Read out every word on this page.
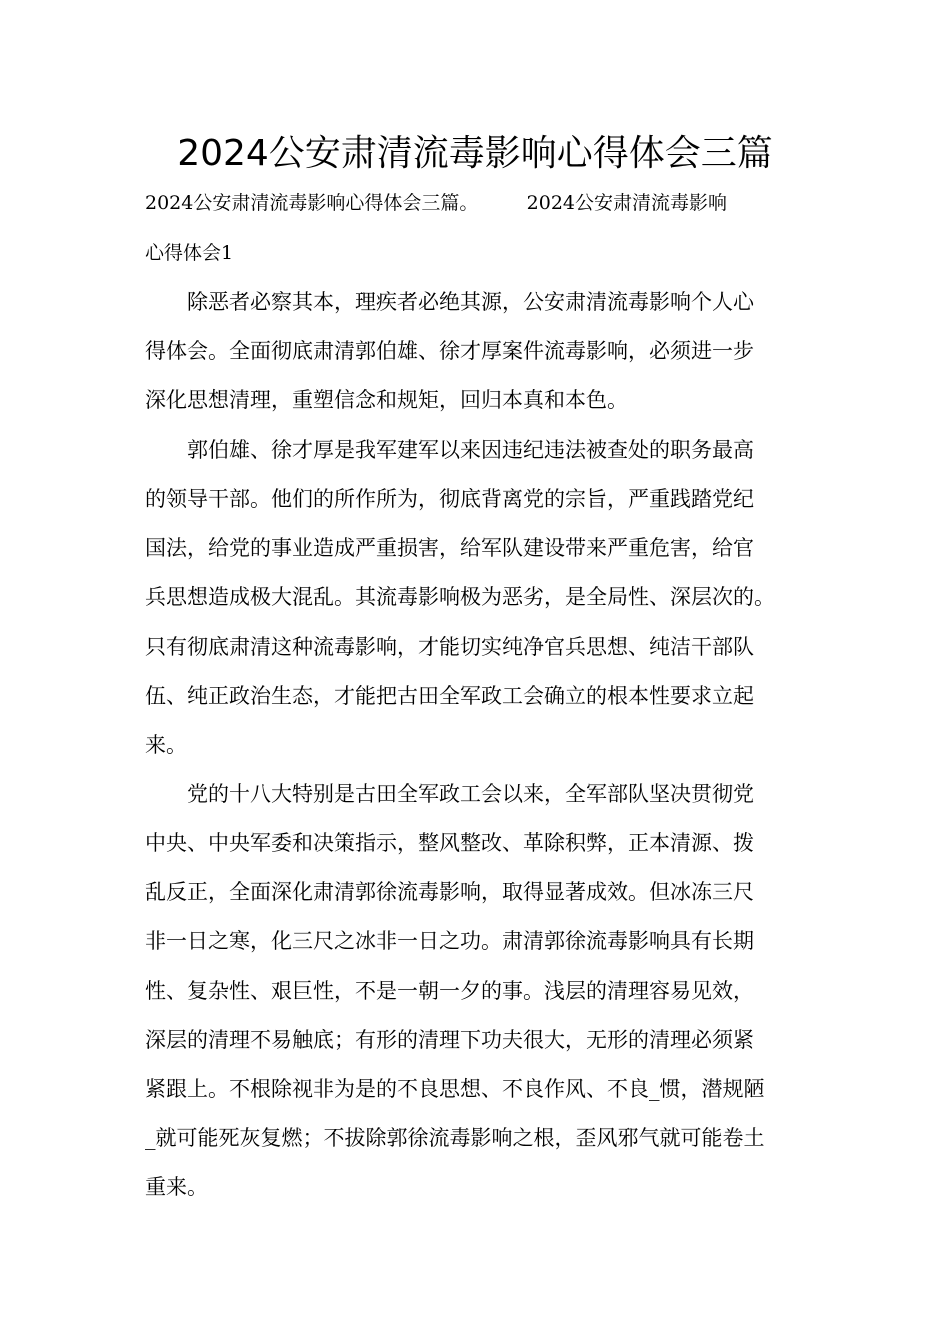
2024公安肃清流毒影响心得体会三篇

2024公安肃清流毒影响心得体会三篇。        2024公安肃清流毒影响

心得体会1

　　除恶者必察其本，理疾者必绝其源，公安肃清流毒影响个人心

得体会。全面彻底肃清郭伯雄、徐才厚案件流毒影响，必须进一步

深化思想清理，重塑信念和规矩，回归本真和本色。

　　郭伯雄、徐才厚是我军建军以来因违纪违法被查处的职务最高

的领导干部。他们的所作所为，彻底背离党的宗旨，严重践踏党纪

国法，给党的事业造成严重损害，给军队建设带来严重危害，给官

兵思想造成极大混乱。其流毒影响极为恶劣，是全局性、深层次的。

只有彻底肃清这种流毒影响，才能切实纯净官兵思想、纯洁干部队

伍、纯正政治生态，才能把古田全军政工会确立的根本性要求立起

来。

　　党的十八大特别是古田全军政工会以来，全军部队坚决贯彻党

中央、中央军委和决策指示，整风整改、革除积弊，正本清源、拨

乱反正，全面深化肃清郭徐流毒影响，取得显著成效。但冰冻三尺

非一日之寒，化三尺之冰非一日之功。肃清郭徐流毒影响具有长期

性、复杂性、艰巨性，不是一朝一夕的事。浅层的清理容易见效，

深层的清理不易触底；有形的清理下功夫很大，无形的清理必须紧

紧跟上。不根除视非为是的不良思想、不良作风、不良_惯，潜规陋

_就可能死灰复燃；不拔除郭徐流毒影响之根，歪风邪气就可能卷土

重来。
